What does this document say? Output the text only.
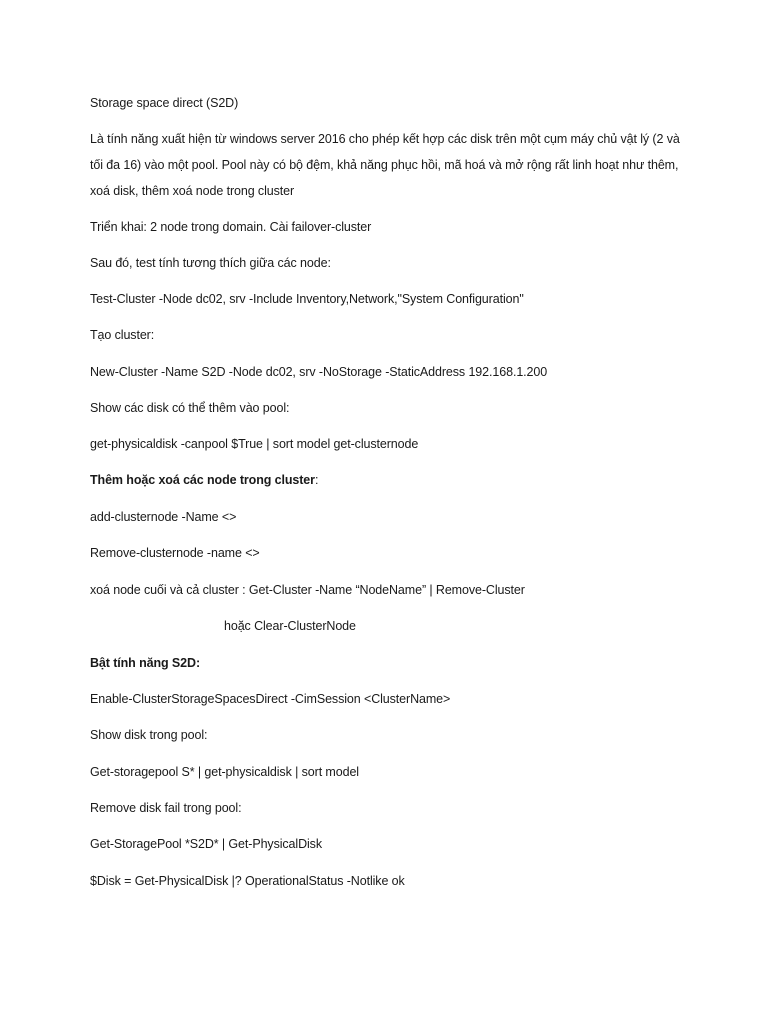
Storage space direct (S2D)
Là tính năng xuất hiện từ windows server 2016 cho phép kết hợp các disk trên một cụm máy chủ vật lý (2 và tối đa 16) vào một pool. Pool này có bộ đệm, khả năng phục hồi, mã hoá và mở rộng rất linh hoạt như thêm, xoá disk, thêm xoá node trong cluster
Triển khai: 2 node trong domain. Cài failover-cluster
Sau đó, test tính tương thích giữa các node:
Test-Cluster -Node dc02, srv -Include Inventory,Network,"System Configuration"
Tạo cluster:
New-Cluster -Name S2D -Node dc02, srv -NoStorage -StaticAddress 192.168.1.200
Show các disk có thể thêm vào pool:
get-physicaldisk -canpool $True | sort model get-clusternode
Thêm hoặc xoá các node trong cluster:
add-clusternode -Name <>
Remove-clusternode -name <>
xoá node cuối và cả cluster : Get-Cluster -Name “NodeName” | Remove-Cluster
hoặc Clear-ClusterNode
Bật tính năng S2D:
Enable-ClusterStorageSpacesDirect -CimSession <ClusterName>
Show disk trong pool:
Get-storagepool S* | get-physicaldisk | sort model
Remove disk fail trong pool:
Get-StoragePool *S2D* | Get-PhysicalDisk
$Disk = Get-PhysicalDisk |? OperationalStatus -Notlike ok
